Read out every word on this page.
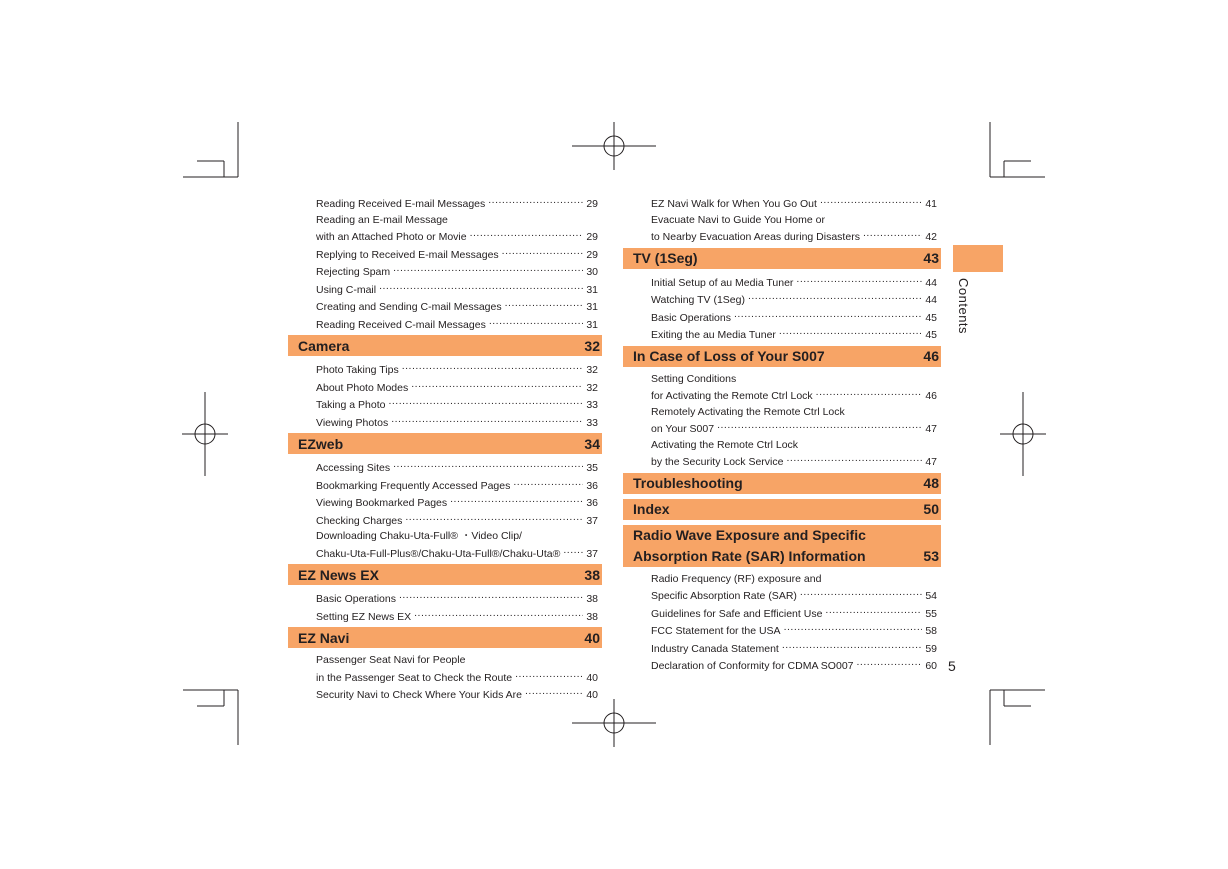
Reading Received E-mail Messages .....	29
Reading an E-mail Message
with an Attached Photo or Movie .....	29
Replying to Received E-mail Messages .....	29
Rejecting Spam .....	30
Using C-mail .....	31
Creating and Sending C-mail Messages .....	31
Reading Received C-mail Messages .....	31
Camera	32
Photo Taking Tips .....	32
About Photo Modes .....	32
Taking a Photo .....	33
Viewing Photos .....	33
EZweb	34
Accessing Sites .....	35
Bookmarking Frequently Accessed Pages .....	36
Viewing Bookmarked Pages .....	36
Checking Charges .....	37
Downloading Chaku-Uta-Full® ・Video Clip/
Chaku-Uta-Full-Plus®/Chaku-Uta-Full®/Chaku-Uta® ..... 37
EZ News EX	38
Basic Operations .....	38
Setting EZ News EX .....	38
EZ Navi	40
Passenger Seat Navi for People
in the Passenger Seat to Check the Route .....	40
Security Navi to Check Where Your Kids Are .....	40
EZ Navi Walk for When You Go Out .....	41
Evacuate Navi to Guide You Home or
to Nearby Evacuation Areas during Disasters .....	42
TV (1Seg)	43
Initial Setup of au Media Tuner .....	44
Watching TV (1Seg) .....	44
Basic Operations .....	45
Exiting the au Media Tuner .....	45
In Case of Loss of Your S007	46
Setting Conditions
for Activating the Remote Ctrl Lock .....	46
Remotely Activating the Remote Ctrl Lock
on Your S007 .....	47
Activating the Remote Ctrl Lock
by the Security Lock Service .....	47
Troubleshooting	48
Index	50
Radio Wave Exposure and Specific
Absorption Rate (SAR) Information	53
Radio Frequency (RF) exposure and
Specific Absorption Rate (SAR) .....	54
Guidelines for Safe and Efficient Use .....	55
FCC Statement for the USA .....	58
Industry Canada Statement .....	59
Declaration of Conformity for CDMA SO007 .....	60
Contents
5
